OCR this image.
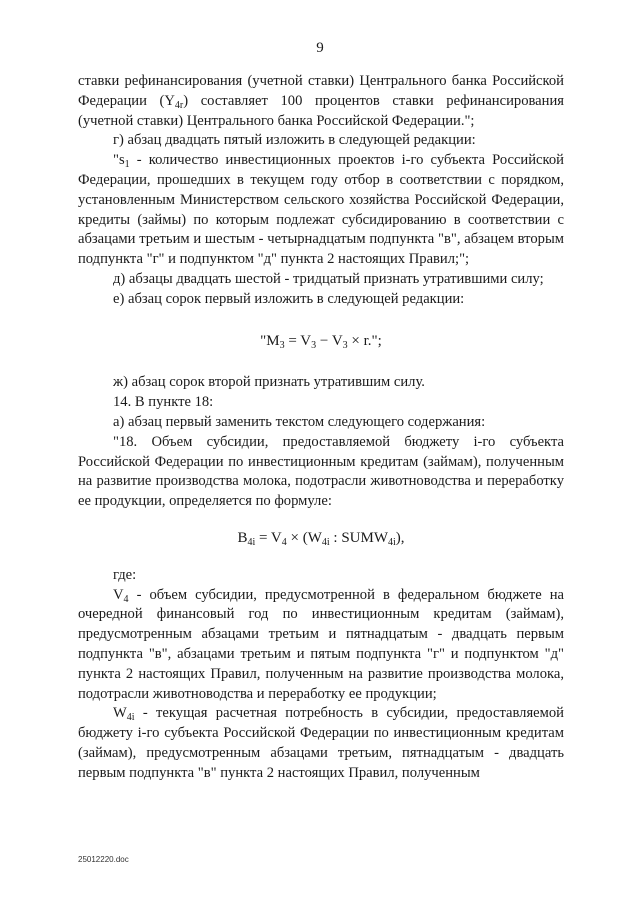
9

ставки рефинансирования (учетной ставки) Центрального банка Российской Федерации $(Y_{4r})$ составляет 100 процентов ставки рефинансирования (учетной ставки) Центрального банка Российской Федерации.";

г) абзац двадцать пятый изложить в следующей редакции:

"$s_1$ - количество инвестиционных проектов i-го субъекта Российской Федерации, прошедших в текущем году отбор в соответствии с порядком, установленным Министерством сельского хозяйства Российской Федерации, кредиты (займы) по которым подлежат субсидированию в соответствии с абзацами третьим и шестым - четырнадцатым подпункта "в", абзацем вторым подпункта "г" и подпунктом "д" пункта 2 настоящих Правил;";

д) абзацы двадцать шестой - тридцатый признать утратившими силу;

е) абзац сорок первый изложить в следующей редакции:

"$M_3 = V_3 - V_3 \times r$.";

ж) абзац сорок второй признать утратившим силу.

14. В пункте 18:

а) абзац первый заменить текстом следующего содержания:

"18. Объем субсидии, предоставляемой бюджету i-го субъекта Российской Федерации по инвестиционным кредитам (займам), полученным на развитие производства молока, подотрасли животноводства и переработку ее продукции, определяется по формуле:

$B_{4i} = V_4 \times (W_{4i}$ : $SUMW_{4i}$),

где:

$V_4$ - объем субсидии, предусмотренной в федеральном бюджете на очередной финансовый год по инвестиционным кредитам (займам), предусмотренным абзацами третьим и пятнадцатым - двадцать первым подпункта "в", абзацами третьим и пятым подпункта "г" и подпунктом "д" пункта 2 настоящих Правил, полученным на развитие производства молока, подотрасли животноводства и переработку ее продукции;

$W_{4i}$ - текущая расчетная потребность в субсидии, предоставляемой бюджету i-го субъекта Российской Федерации по инвестиционным кредитам (займам), предусмотренным абзацами третьим, пятнадцатым - двадцать первым подпункта "в" пункта 2 настоящих Правил, полученным

25012220.doc
